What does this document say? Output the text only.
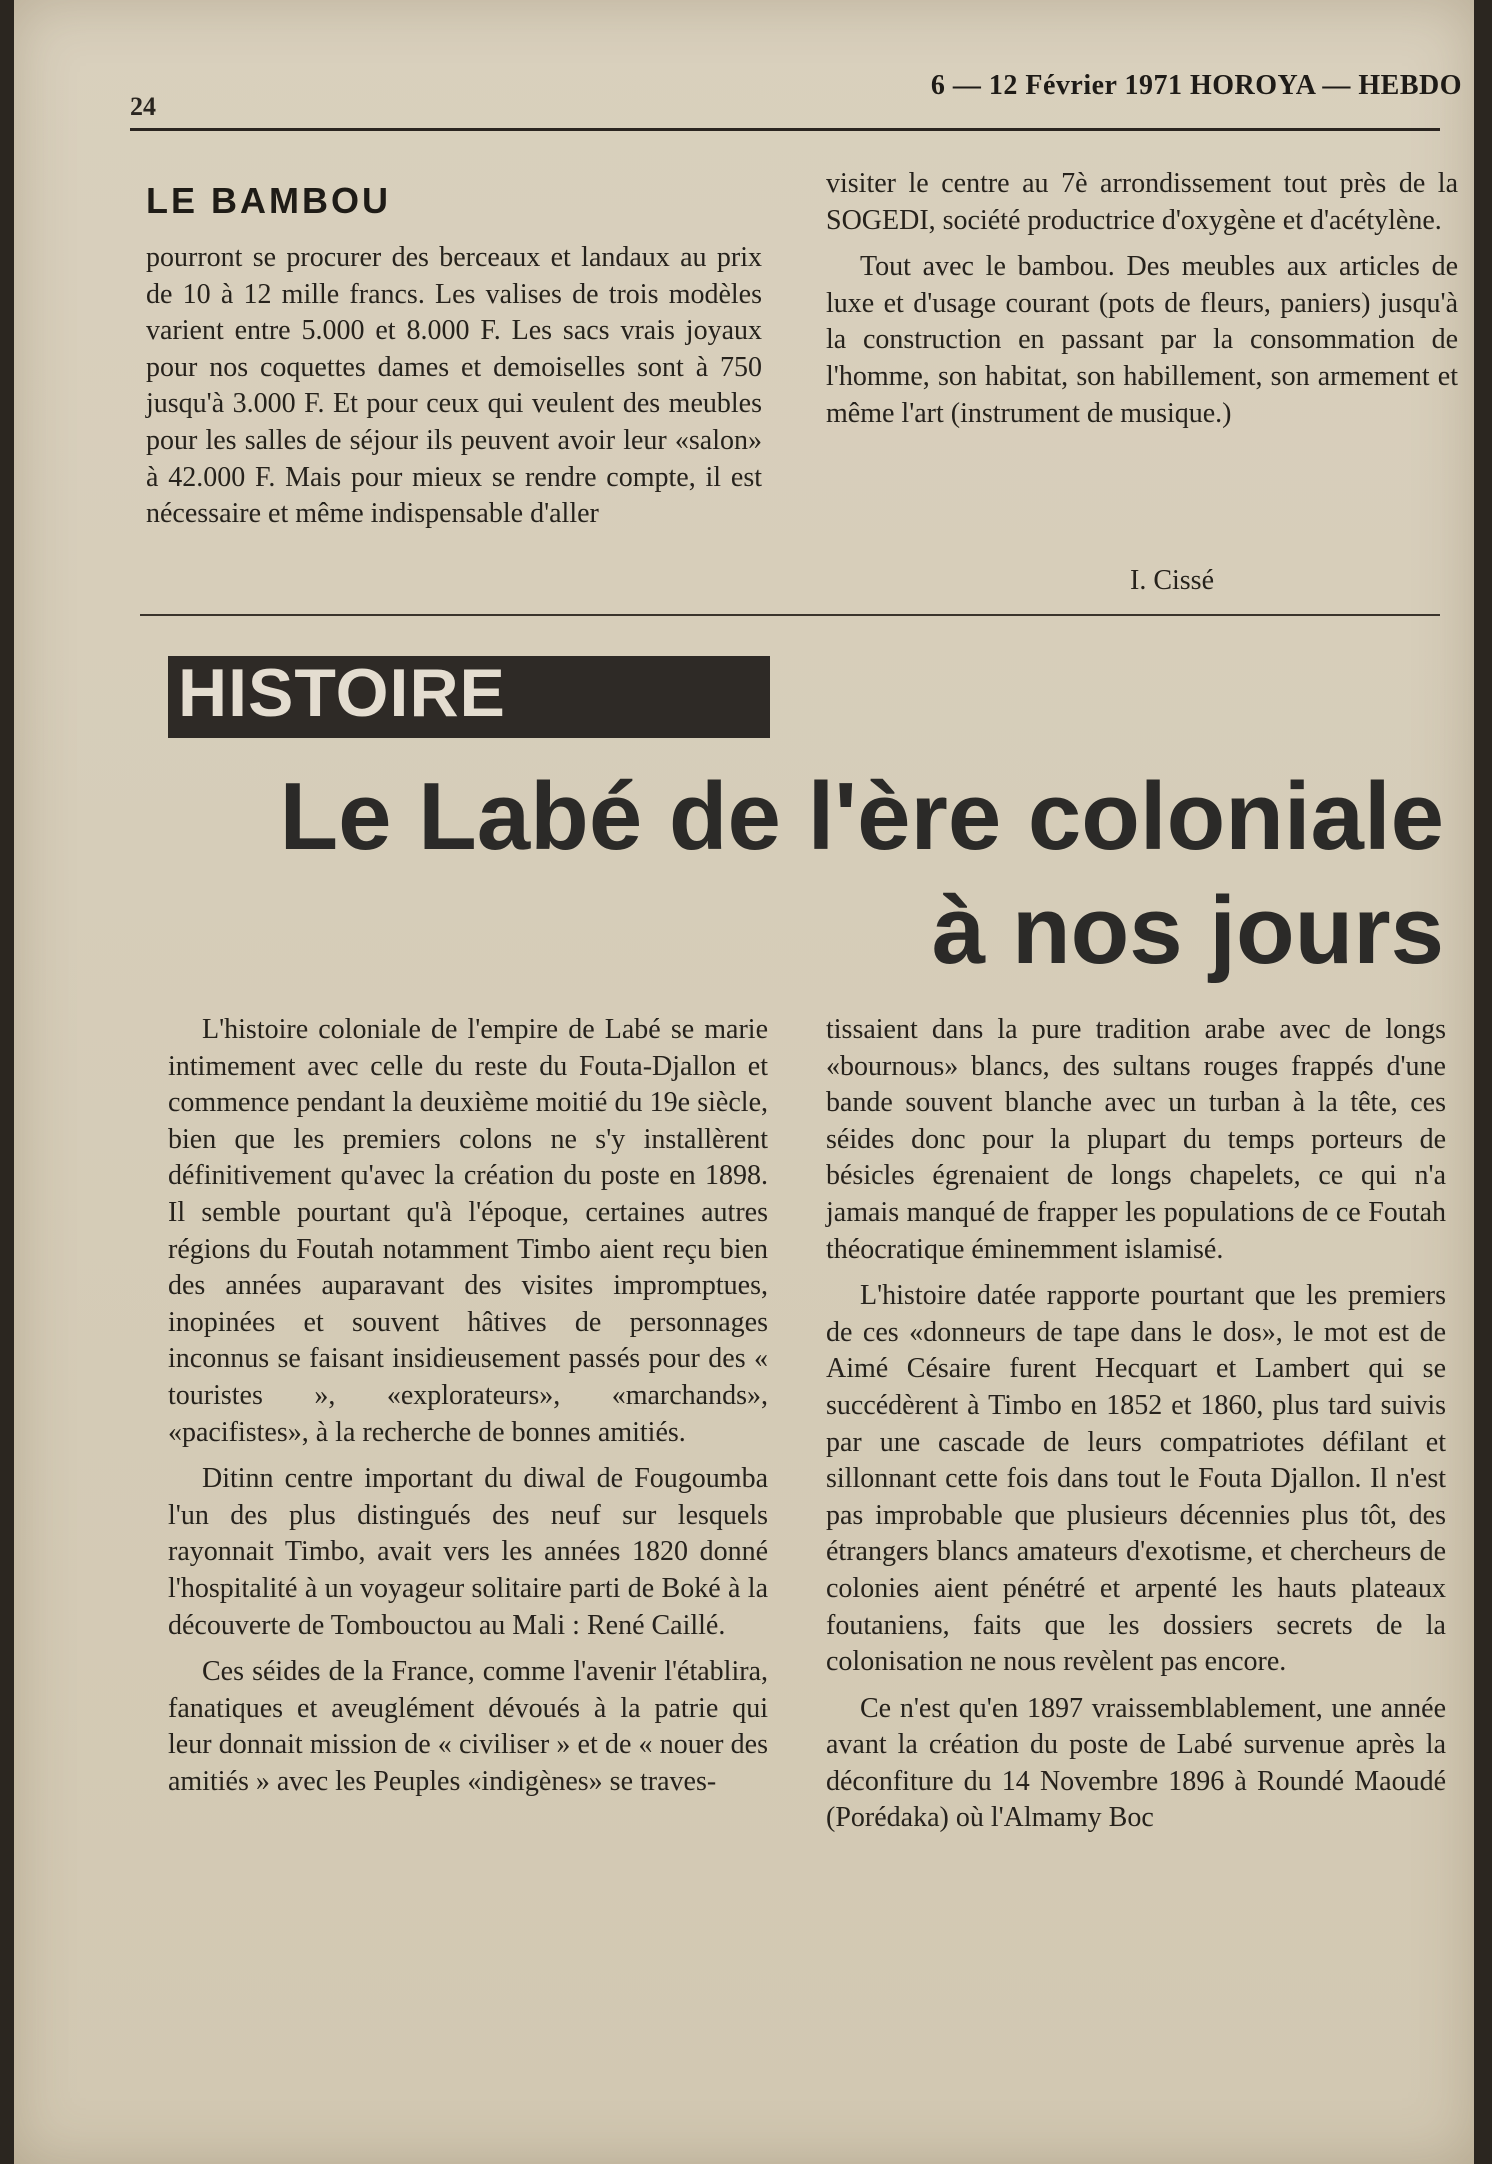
24
6 — 12 Février 1971 HOROYA — HEBDO
LE BAMBOU

pourront se procurer des berceaux et landaux au prix de 10 à 12 mille francs. Les valises de trois modèles varient entre 5.000 et 8.000 F. Les sacs vrais joyaux pour nos coquettes dames et demoiselles sont à 750 jusqu'à 3.000 F. Et pour ceux qui veulent des meubles pour les salles de séjour ils peuvent avoir leur «salon» à 42.000 F. Mais pour mieux se rendre compte, il est nécessaire et même indispensable d'aller

visiter le centre au 7è arrondissement tout près de la SOGEDI, société productrice d'oxygène et d'acétylène.

Tout avec le bambou. Des meubles aux articles de luxe et d'usage courant (pots de fleurs, paniers) jusqu'à la construction en passant par la consommation de l'homme, son habitat, son habillement, son armement et même l'art (instrument de musique.)

I. Cissé
HISTOIRE
Le Labé de l'ère coloniale
à nos jours

L'histoire coloniale de l'empire de Labé se marie intimement avec celle du reste du Fouta-Djallon et commence pendant la deuxième moitié du 19e siècle, bien que les premiers colons ne s'y installèrent définitivement qu'avec la création du poste en 1898. Il semble pourtant qu'à l'époque, certaines autres régions du Foutah notamment Timbo aient reçu bien des années auparavant des visites impromptues, inopinées et souvent hâtives de personnages inconnus se faisant insidieusement passés pour des « touristes », «explorateurs», «marchands», «pacifistes», à la recherche de bonnes amitiés.

Ditinn centre important du diwal de Fougoumba l'un des plus distingués des neuf sur lesquels rayonnait Timbo, avait vers les années 1820 donné l'hospitalité à un voyageur solitaire parti de Boké à la découverte de Tombouctou au Mali : René Caillé.

Ces séides de la France, comme l'avenir l'établira, fanatiques et aveuglément dévoués à la patrie qui leur donnait mission de « civiliser » et de « nouer des amitiés » avec les Peuples «indigènes» se traves-

tissaient dans la pure tradition arabe avec de longs «bournous» blancs, des sultans rouges frappés d'une bande souvent blanche avec un turban à la tête, ces séides donc pour la plupart du temps porteurs de bésicles égrenaient de longs chapelets, ce qui n'a jamais manqué de frapper les populations de ce Foutah théocratique éminemment islamisé.

L'histoire datée rapporte pourtant que les premiers de ces «donneurs de tape dans le dos», le mot est de Aimé Césaire furent Hecquart et Lambert qui se succédèrent à Timbo en 1852 et 1860, plus tard suivis par une cascade de leurs compatriotes défilant et sillonnant cette fois dans tout le Fouta Djallon. Il n'est pas improbable que plusieurs décennies plus tôt, des étrangers blancs amateurs d'exotisme, et chercheurs de colonies aient pénétré et arpenté les hauts plateaux foutaniens, faits que les dossiers secrets de la colonisation ne nous revèlent pas encore.

Ce n'est qu'en 1897 vraissemblablement, une année avant la création du poste de Labé survenue après la déconfiture du 14 Novembre 1896 à Roundé Maoudé (Porédaka) où l'Almamy Boc
